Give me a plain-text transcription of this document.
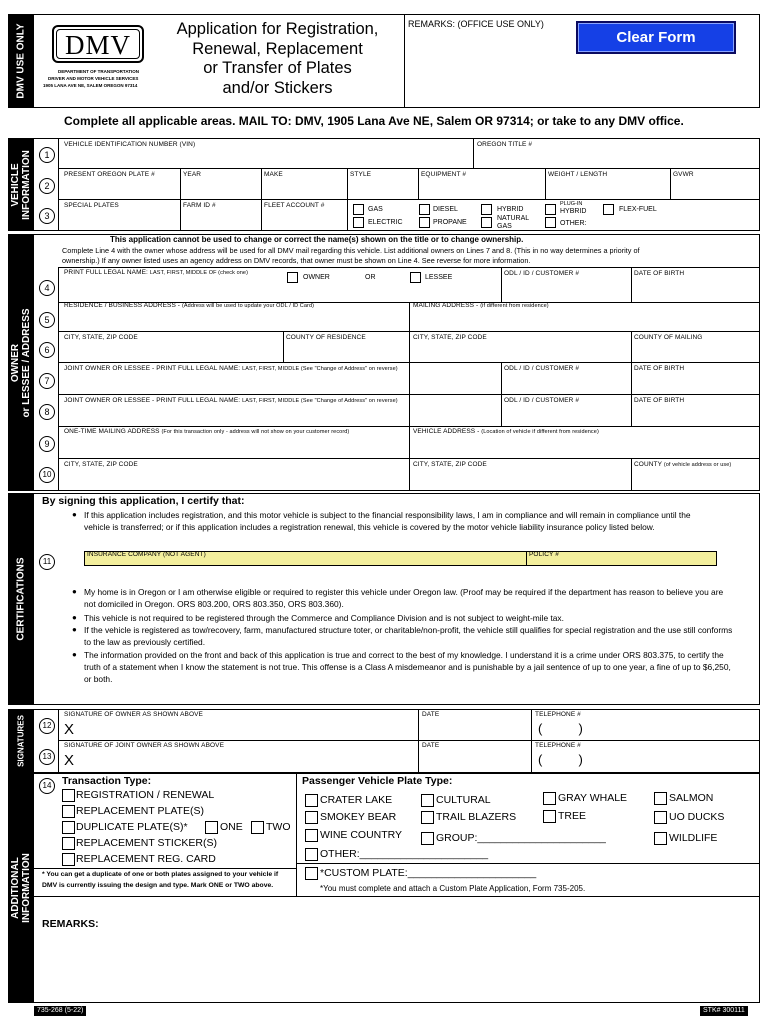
DMV USE ONLY	DMV
DEPARTMENT OF TRANSPORTATION
DRIVER AND MOTOR VEHICLE SERVICES
1905 LANA AVE NE, SALEM OREGON 97314
Application for Registration,
Renewal, Replacement
or Transfer of Plates
and/or Stickers
REMARKS: (OFFICE USE ONLY)
Clear Form
Complete all applicable areas. MAIL TO: DMV, 1905 Lana Ave NE, Salem OR 97314; or take to any DMV office.
VEHICLE INFORMATION	1
2
3
VEHICLE IDENTIFICATION NUMBER (VIN)	OREGON TITLE #
PRESENT OREGON PLATE #	YEAR	MAKE	STYLE	EQUIPMENT #	WEIGHT / LENGTH	GVWR
SPECIAL PLATES	FARM ID #	FLEET ACCOUNT #
GAS
ELECTRIC
DIESEL
PROPANE
HYBRID
NATURAL
GAS
PLUG-IN
HYBRID
OTHER:
FLEX-FUEL
OWNER or LESSEE / ADDRESS
This application cannot be used to change or correct the name(s) shown on the title or to change ownership.
Complete Line 4 with the owner whose address will be used for all DMV mail regarding this vehicle. List additional owners on Lines 7 and 8. (This in no way determines a priority of
ownership.) If any owner listed uses an agency address on DMV records, that owner must be shown on Line 4. See reverse for more information.
4
PRINT FULL LEGAL NAME: LAST, FIRST, MIDDLE OF (check one)
OWNER	OR	LESSEE
ODL / ID / CUSTOMER #	DATE OF BIRTH
5
RESIDENCE / BUSINESS ADDRESS - (Address will be used to update your ODL / ID Card)	MAILING ADDRESS - (if different from residence)
6
CITY, STATE, ZIP CODE	COUNTY OF RESIDENCE	CITY, STATE, ZIP CODE	COUNTY OF MAILING
7
JOINT OWNER OR LESSEE - PRINT FULL LEGAL NAME: LAST, FIRST, MIDDLE (See "Change of Address" on reverse)	ODL / ID / CUSTOMER #	DATE OF BIRTH
8
JOINT OWNER OR LESSEE - PRINT FULL LEGAL NAME: LAST, FIRST, MIDDLE (See "Change of Address" on reverse)	ODL / ID / CUSTOMER #	DATE OF BIRTH
9
ONE-TIME MAILING ADDRESS (For this transaction only - address will not show on your customer record)	VEHICLE ADDRESS - (Location of vehicle if different from residence)
10
CITY, STATE, ZIP CODE	CITY, STATE, ZIP CODE	COUNTY (of vehicle address or use)
CERTIFICATIONS
By signing this application, I certify that:
● If this application includes registration, and this motor vehicle is subject to the financial responsibility laws, I am in compliance and will remain in compliance until the vehicle is transferred; or if this application includes a registration renewal, this vehicle is covered by the motor vehicle liability insurance policy listed below.
11
INSURANCE COMPANY (NOT AGENT)	POLICY #
● My home is in Oregon or I am otherwise eligible or required to register this vehicle under Oregon law. (Proof may be required if the department has reason to believe you are not domiciled in Oregon. ORS 803.200, ORS 803.350, ORS 803.360).
● This vehicle is not required to be registered through the Commerce and Compliance Division and is not subject to weight-mile tax.
● If the vehicle is registered as tow/recovery, farm, manufactured structure toter, or charitable/non-profit, the vehicle still qualifies for special registration and the use still conforms to the law as previously certified.
● The information provided on the front and back of this application is true and correct to the best of my knowledge. I understand it is a crime under ORS 803.375, to certify the truth of a statement when I know the statement is not true. This offense is a Class A misdemeanor and is punishable by a jail sentence of up to one year, a fine of up to $6,250, or both.
SIGNATURES	12
SIGNATURE OF OWNER AS SHOWN ABOVE
X
DATE	TELEPHONE #
(          )
13
SIGNATURE OF JOINT OWNER AS SHOWN ABOVE
X
DATE	TELEPHONE #
(          )
ADDITIONAL INFORMATION
14	Transaction Type:
REGISTRATION / RENEWAL
REPLACEMENT PLATE(S)
DUPLICATE PLATE(S)*	ONE TWO
REPLACEMENT STICKER(S)
REPLACEMENT REG. CARD
* You can get a duplicate of one or both plates assigned to your vehicle if
DMV is currently issuing the design and type. Mark ONE or TWO above.
Passenger Vehicle Plate Type:
CRATER LAKE
SMOKEY BEAR
WINE COUNTRY
OTHER:______________________
CULTURAL
TRAIL BLAZERS
GROUP:______________________
GRAY WHALE
TREE
SALMON
UO DUCKS
WILDLIFE
*CUSTOM PLATE:______________________
*You must complete and attach a Custom Plate Application, Form 735-205.
REMARKS:
735-268 (5-22)	STK# 300111
